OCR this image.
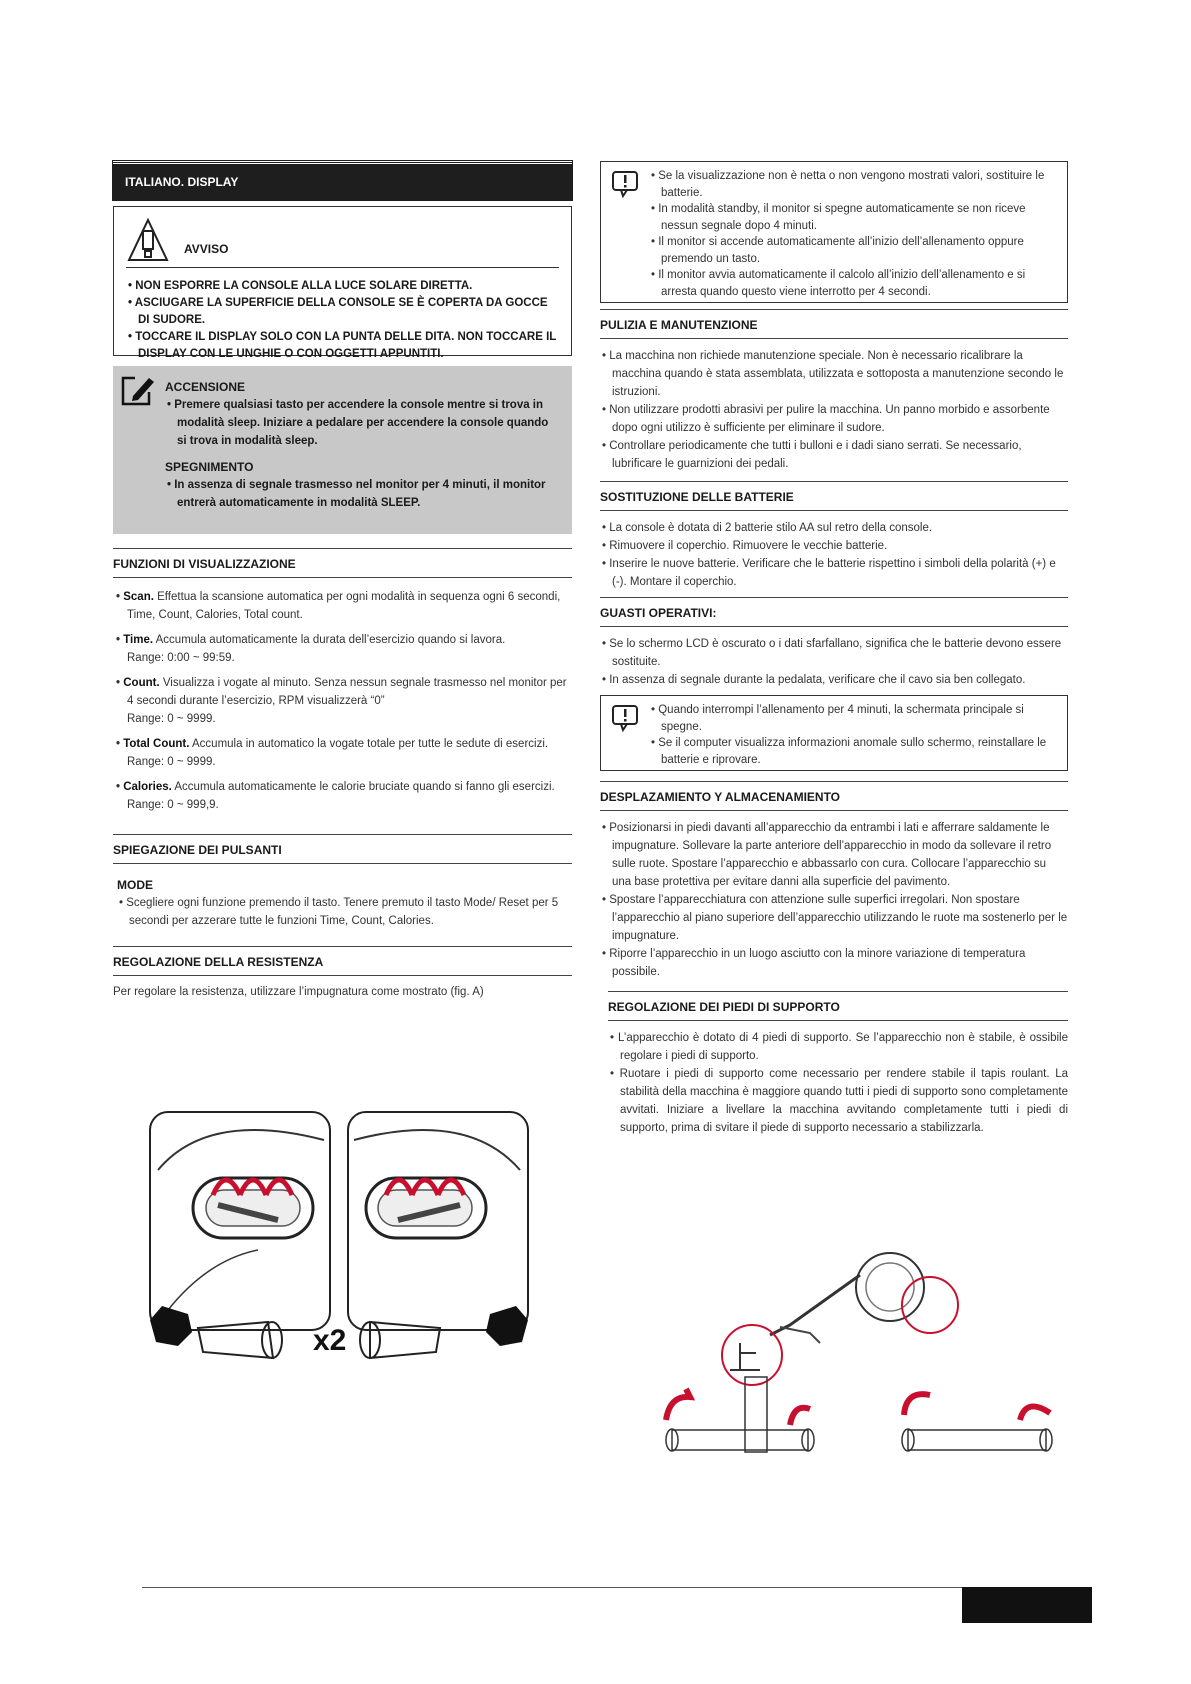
ITALIANO. DISPLAY
AVVISO
• NON ESPORRE LA CONSOLE ALLA LUCE SOLARE DIRETTA.
• ASCIUGARE LA SUPERFICIE DELLA CONSOLE SE È COPERTA DA GOCCE DI SUDORE.
• TOCCARE IL DISPLAY SOLO CON LA PUNTA DELLE DITA. NON TOCCARE IL DISPLAY CON LE UNGHIE O CON OGGETTI APPUNTITI.
ACCENSIONE
• Premere qualsiasi tasto per accendere la console mentre si trova in modalità sleep. Iniziare a pedalare per accendere la console quando si trova in modalità sleep.
SPEGNIMENTO
• In assenza di segnale trasmesso nel monitor per 4 minuti, il monitor entrerà automaticamente in modalità SLEEP.
FUNZIONI DI VISUALIZZAZIONE
• Scan. Effettua la scansione automatica per ogni modalità in sequenza ogni 6 secondi, Time, Count, Calories, Total count.
• Time. Accumula automaticamente la durata dell’esercizio quando si lavora.
Range: 0:00 ~ 99:59.
• Count. Visualizza i vogate al minuto. Senza nessun segnale trasmesso nel monitor per 4 secondi durante l’esercizio, RPM visualizzerà “0”
Range: 0 ~ 9999.
• Total Count. Accumula in automatico la vogate totale per tutte le sedute di esercizi.
Range: 0 ~ 9999.
• Calories. Accumula automaticamente le calorie bruciate quando si fanno gli esercizi.
Range: 0 ~ 999,9.
SPIEGAZIONE DEI PULSANTI
MODE
• Scegliere ogni funzione premendo il tasto. Tenere premuto il tasto Mode/ Reset per 5 secondi per azzerare tutte le funzioni Time, Count, Calories.
REGOLAZIONE DELLA RESISTENZA
Per regolare la resistenza, utilizzare l’impugnatura come mostrato (fig. A)
x2
• Se la visualizzazione non è netta o non vengono mostrati valori, sostituire le batterie.
• In modalità standby, il monitor si spegne automaticamente se non riceve nessun segnale dopo 4 minuti.
• Il monitor si accende automaticamente all’inizio dell’allenamento oppure premendo un tasto.
• Il monitor avvia automaticamente il calcolo all’inizio dell’allenamento e si arresta quando questo viene interrotto per 4 secondi.
PULIZIA E MANUTENZIONE
• La macchina non richiede manutenzione speciale. Non è necessario ricalibrare la macchina quando è stata assemblata, utilizzata e sottoposta a manutenzione secondo le istruzioni.
• Non utilizzare prodotti abrasivi per pulire la macchina. Un panno morbido e assorbente dopo ogni utilizzo è sufficiente per eliminare il sudore.
• Controllare periodicamente che tutti i bulloni e i dadi siano serrati. Se necessario, lubrificare le guarnizioni dei pedali.
SOSTITUZIONE DELLE BATTERIE
• La console è dotata di 2 batterie stilo AA sul retro della console.
• Rimuovere il coperchio. Rimuovere le vecchie batterie.
• Inserire le nuove batterie. Verificare che le batterie rispettino i simboli della polarità (+) e (-). Montare il coperchio.
GUASTI OPERATIVI:
• Se lo schermo LCD è oscurato o i dati sfarfallano, significa che le batterie devono essere sostituite.
• In assenza di segnale durante la pedalata, verificare che il cavo sia ben collegato.
• Quando interrompi l’allenamento per 4 minuti, la schermata principale si spegne.
• Se il computer visualizza informazioni anomale sullo schermo, reinstallare le batterie e riprovare.
DESPLAZAMIENTO Y ALMACENAMIENTO
• Posizionarsi in piedi davanti all’apparecchio da entrambi i lati e afferrare saldamente le impugnature. Sollevare la parte anteriore dell’apparecchio in modo da sollevare il retro sulle ruote. Spostare l’apparecchio e abbassarlo con cura. Collocare l’apparecchio su una base protettiva per evitare danni alla superficie del pavimento.
• Spostare l’apparecchiatura con attenzione sulle superfici irregolari. Non spostare l’apparecchio al piano superiore dell’apparecchio utilizzando le ruote ma sostenerlo per le impugnature.
• Riporre l’apparecchio in un luogo asciutto con la minore variazione di temperatura possibile.
REGOLAZIONE DEI PIEDI DI SUPPORTO
• L’apparecchio è dotato di 4 piedi di supporto. Se l’apparecchio non è stabile, è ossibile regolare i piedi di supporto.
• Ruotare i piedi di supporto come necessario per rendere stabile il tapis roulant. La stabilità della macchina è maggiore quando tutti i piedi di supporto sono completamente avvitati. Iniziare a livellare la macchina avvitando completamente tutti i piedi di supporto, prima di svitare il piede di supporto necessario a stabilizzarla.
